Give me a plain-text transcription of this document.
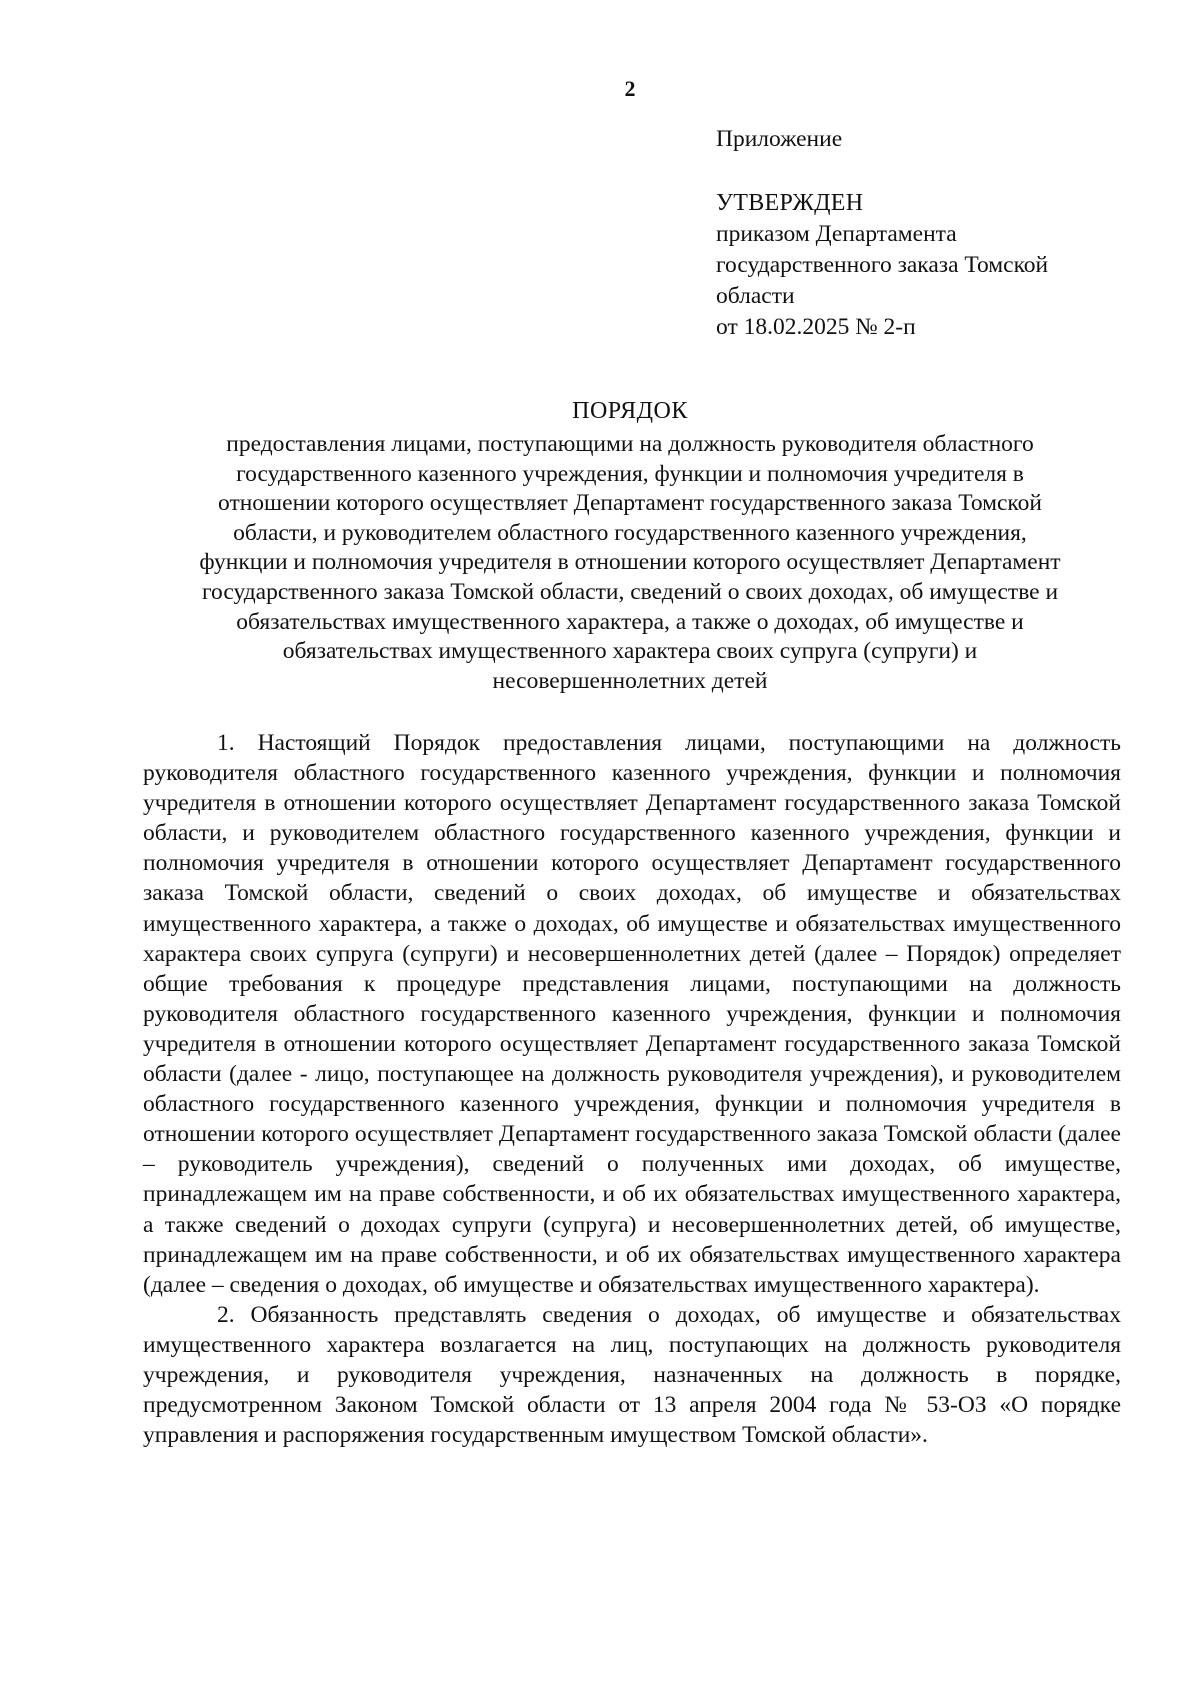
2
Приложение
УТВЕРЖДЕН
приказом Департамента
государственного заказа Томской
области
от 18.02.2025 № 2-п
ПОРЯДОК
предоставления лицами, поступающими на должность руководителя областного
государственного казенного учреждения, функции и полномочия учредителя в
отношении которого осуществляет Департамент государственного заказа Томской
области, и руководителем областного государственного казенного учреждения,
функции и полномочия учредителя в отношении которого осуществляет Департамент
государственного заказа Томской области, сведений о своих доходах, об имуществе и
обязательствах имущественного характера, а также о доходах, об имуществе и
обязательствах имущественного характера своих супруга (супруги) и
несовершеннолетних детей

1. Настоящий Порядок предоставления лицами, поступающими на должность руководителя областного государственного казенного учреждения, функции и полномочия учредителя в отношении которого осуществляет Департамент государственного заказа Томской области, и руководителем областного государственного казенного учреждения, функции и полномочия учредителя в отношении которого осуществляет Департамент государственного заказа Томской области, сведений о своих доходах, об имуществе и обязательствах имущественного характера, а также о доходах, об имуществе и обязательствах имущественного характера своих супруга (супруги) и несовершеннолетних детей (далее – Порядок) определяет общие требования к процедуре представления лицами, поступающими на должность руководителя областного государственного казенного учреждения, функции и полномочия учредителя в отношении которого осуществляет Департамент государственного заказа Томской области (далее - лицо, поступающее на должность руководителя учреждения), и руководителем областного государственного казенного учреждения, функции и полномочия учредителя в отношении которого осуществляет Департамент государственного заказа Томской области (далее – руководитель учреждения), сведений о полученных ими доходах, об имуществе, принадлежащем им на праве собственности, и об их обязательствах имущественного характера, а также сведений о доходах супруги (супруга) и несовершеннолетних детей, об имуществе, принадлежащем им на праве собственности, и об их обязательствах имущественного характера (далее – сведения о доходах, об имуществе и обязательствах имущественного характера).

2. Обязанность представлять сведения о доходах, об имуществе и обязательствах имущественного характера возлагается на лиц, поступающих на должность руководителя учреждения, и руководителя учреждения, назначенных на должность в порядке, предусмотренном Законом Томской области от 13 апреля 2004 года № 53-ОЗ «О порядке управления и распоряжения государственным имуществом Томской области».
